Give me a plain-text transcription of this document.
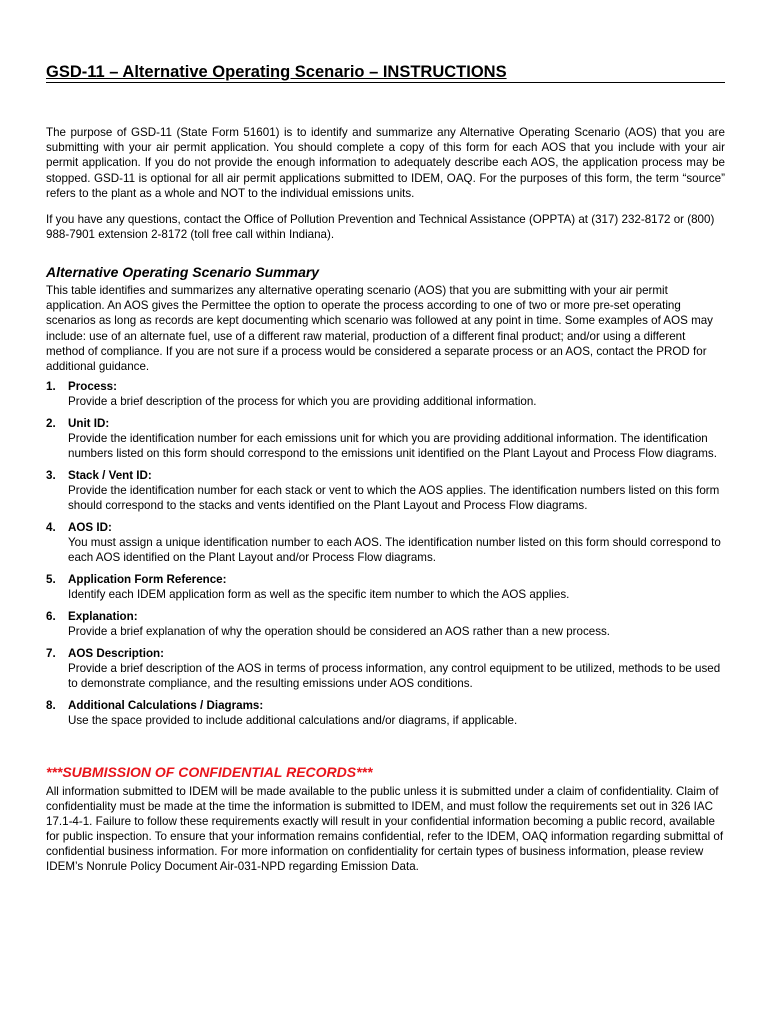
GSD-11 – Alternative Operating Scenario – INSTRUCTIONS

The purpose of GSD-11 (State Form 51601) is to identify and summarize any Alternative Operating Scenario (AOS) that you are submitting with your air permit application. You should complete a copy of this form for each AOS that you include with your air permit application. If you do not provide the enough information to adequately describe each AOS, the application process may be stopped. GSD-11 is optional for all air permit applications submitted to IDEM, OAQ. For the purposes of this form, the term “source” refers to the plant as a whole and NOT to the individual emissions units.

If you have any questions, contact the Office of Pollution Prevention and Technical Assistance (OPPTA) at (317) 232-8172 or (800) 988-7901 extension 2-8172 (toll free call within Indiana).

Alternative Operating Scenario Summary

This table identifies and summarizes any alternative operating scenario (AOS) that you are submitting with your air permit application. An AOS gives the Permittee the option to operate the process according to one of two or more pre-set operating scenarios as long as records are kept documenting which scenario was followed at any point in time. Some examples of AOS may include: use of an alternate fuel, use of a different raw material, production of a different final product; and/or using a different method of compliance. If you are not sure if a process would be considered a separate process or an AOS, contact the PROD for additional guidance.

1. Process:
Provide a brief description of the process for which you are providing additional information.
2. Unit ID:
Provide the identification number for each emissions unit for which you are providing additional information. The identification numbers listed on this form should correspond to the emissions unit identified on the Plant Layout and Process Flow diagrams.
3. Stack / Vent ID:
Provide the identification number for each stack or vent to which the AOS applies. The identification numbers listed on this form should correspond to the stacks and vents identified on the Plant Layout and Process Flow diagrams.
4. AOS ID:
You must assign a unique identification number to each AOS. The identification number listed on this form should correspond to each AOS identified on the Plant Layout and/or Process Flow diagrams.
5. Application Form Reference:
Identify each IDEM application form as well as the specific item number to which the AOS applies.
6. Explanation:
Provide a brief explanation of why the operation should be considered an AOS rather than a new process.
7. AOS Description:
Provide a brief description of the AOS in terms of process information, any control equipment to be utilized, methods to be used to demonstrate compliance, and the resulting emissions under AOS conditions.
8. Additional Calculations / Diagrams:
Use the space provided to include additional calculations and/or diagrams, if applicable.
***SUBMISSION OF CONFIDENTIAL RECORDS***

All information submitted to IDEM will be made available to the public unless it is submitted under a claim of confidentiality. Claim of confidentiality must be made at the time the information is submitted to IDEM, and must follow the requirements set out in 326 IAC 17.1-4-1. Failure to follow these requirements exactly will result in your confidential information becoming a public record, available for public inspection. To ensure that your information remains confidential, refer to the IDEM, OAQ information regarding submittal of confidential business information. For more information on confidentiality for certain types of business information, please review IDEM’s Nonrule Policy Document Air-031-NPD regarding Emission Data.
